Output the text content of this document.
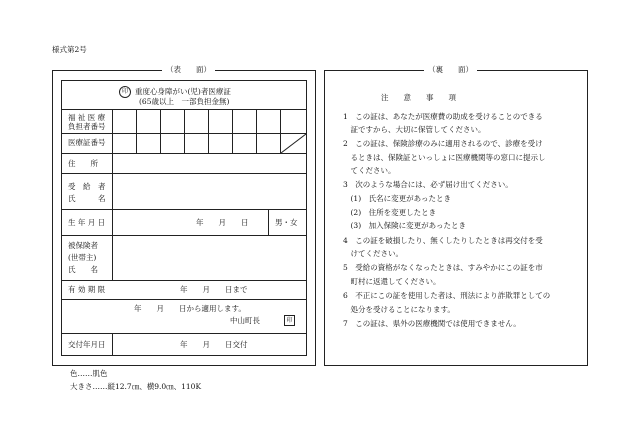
様式第2号
（表　　面）
印 重度心身障がい(児)者医療証
(65歳以上　一部負担金無)
福 祉 医 療
負担者番号
医療証番号
住　　所
受　給　者
氏　　　名
生 年 月 日	年　　月　　日	男・女
被保険者
(世帯主)
氏　　名
有 効 期 限	年　　月　　日まで
年　　月　　日から適用します。
中山町長	印
交付年月日	年　　月　　日交付
（裏　　面）
注　　意　　事　　項
1　この証は、あなたが医療費の助成を受けることのできる
　証ですから、大切に保管してください。
2　この証は、保険診療のみに適用されるので、診療を受け
　るときは、保険証といっしょに医療機関等の窓口に提示し
　てください。
3　次のような場合には、必ず届け出てください。
　(1)　氏名に変更があったとき
　(2)　住所を変更したとき
　(3)　加入保険に変更があったとき
4　この証を破損したり、無くしたりしたときは再交付を受
　けてください。
5　受給の資格がなくなったときは、すみやかにこの証を市
　町村に返還してください。
6　不正にこの証を使用した者は、刑法により詐欺罪としての
　処分を受けることになります。
7　この証は、県外の医療機関では使用できません。
色……肌色
大きさ……縦12.7㎝、横9.0㎝、110K
